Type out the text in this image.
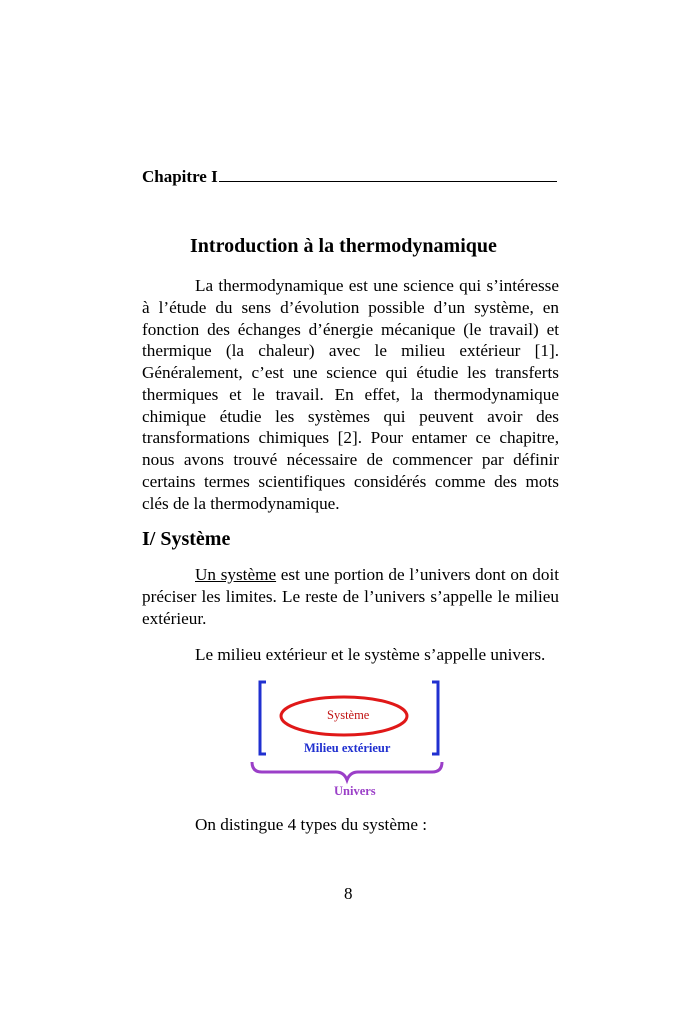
Chapitre I
Introduction à la thermodynamique

La thermodynamique est une science qui s’intéresse à l’étude du sens d’évolution possible d’un système, en fonction des échanges d’énergie mécanique (le travail) et thermique (la chaleur) avec le milieu extérieur [1]. Généralement, c’est une science qui étudie les transferts thermiques et le travail. En effet, la thermodynamique chimique étudie les systèmes qui peuvent avoir des transformations chimiques [2]. Pour entamer ce chapitre, nous avons trouvé nécessaire de commencer par définir certains termes scientifiques considérés comme des mots clés de la thermodynamique.

I/ Système

Un système est une portion de l’univers dont on doit préciser les limites. Le reste de l’univers s’appelle le milieu extérieur.

Le milieu extérieur et le système s’appelle univers.

Système
Milieu extérieur
Univers

On distingue 4 types du système :

8
